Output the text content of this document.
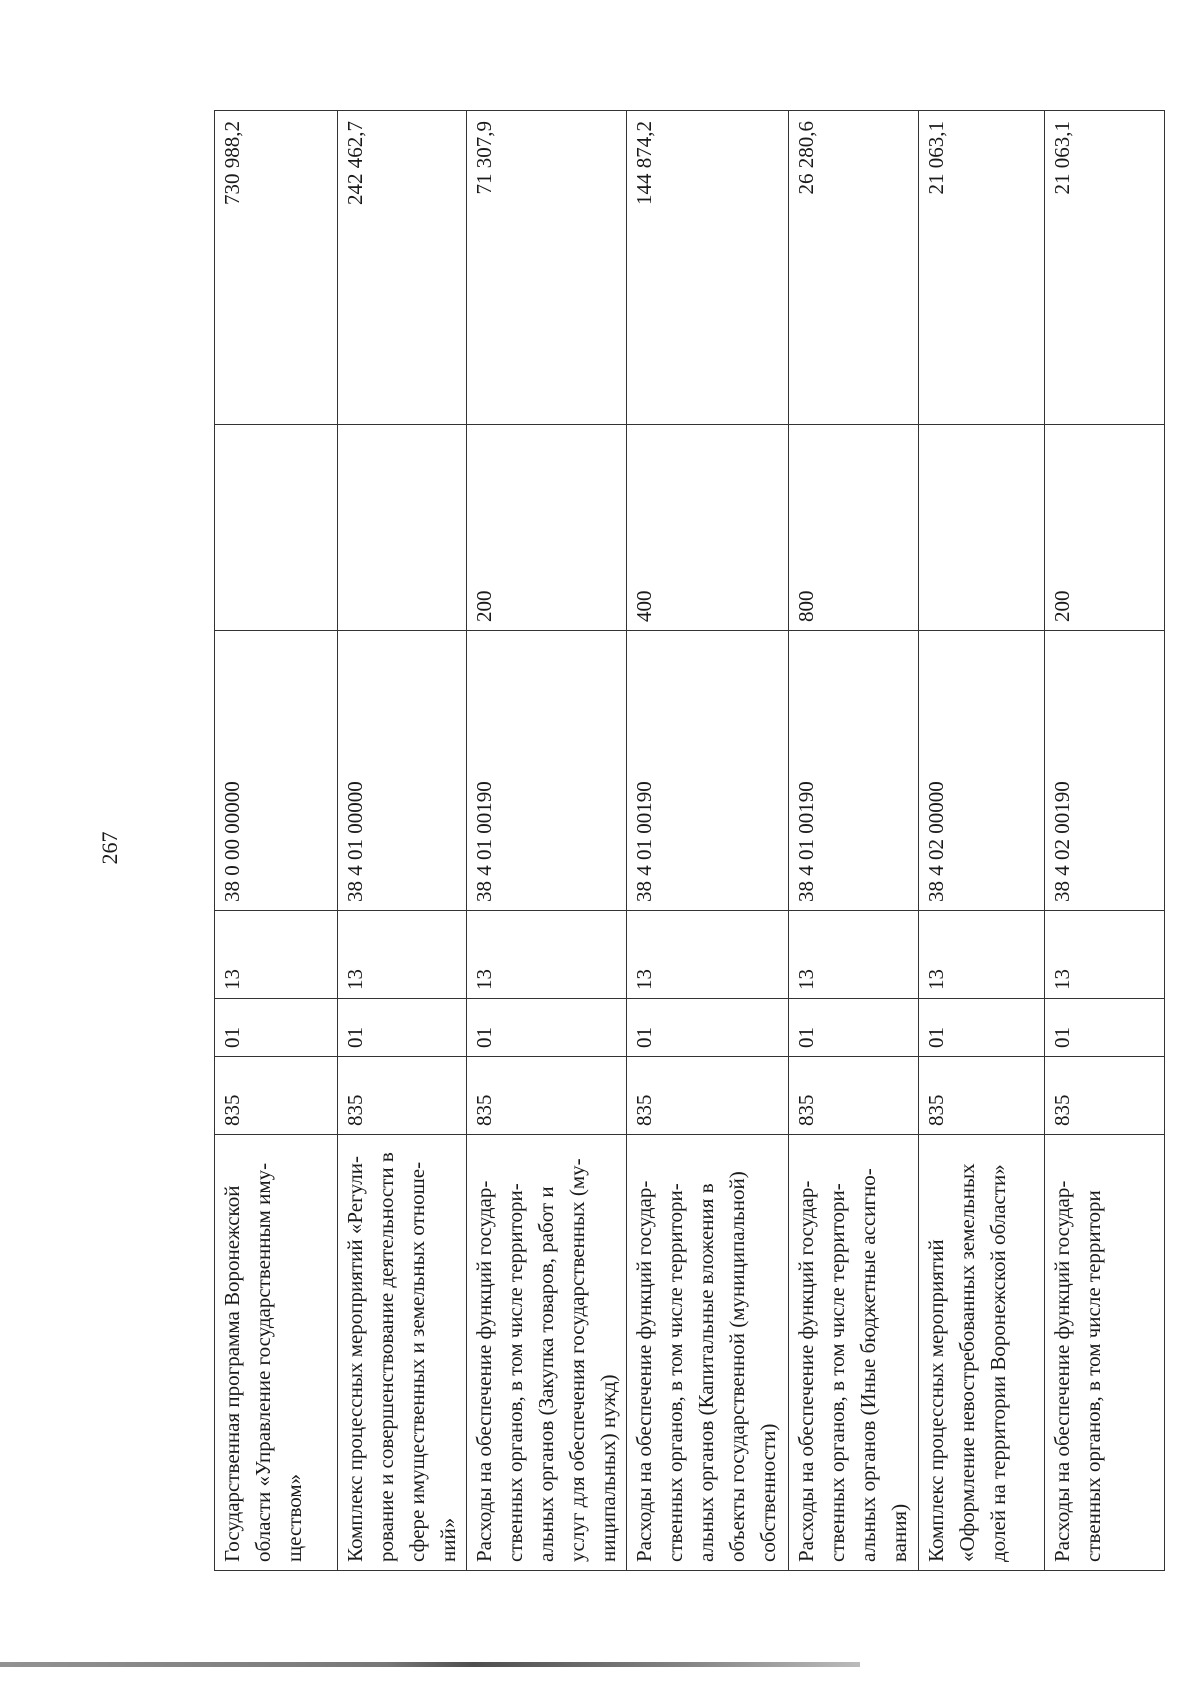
267
Государственная программа Воронежской области «Управление государственным имуществом»	835	01	13	38 0 00 00000		730 988,2
Комплекс процессных мероприятий «Регулирование и совершенствование деятельности в сфере имущественных и земельных отношений»	835	01	13	38 4 01 00000		242 462,7
Расходы на обеспечение функций государственных органов, в том числе территориальных органов (Закупка товаров, работ и услуг для обеспечения государственных (муниципальных) нужд)	835	01	13	38 4 01 00190	200	71 307,9
Расходы на обеспечение функций государственных органов, в том числе территориальных органов (Капитальные вложения в объекты государственной (муниципальной) собственности)	835	01	13	38 4 01 00190	400	144 874,2
Расходы на обеспечение функций государственных органов, в том числе территориальных органов (Иные бюджетные ассигнования)	835	01	13	38 4 01 00190	800	26 280,6
Комплекс процессных мероприятий «Оформление невостребованных земельных долей на территории Воронежской области»	835	01	13	38 4 02 00000		21 063,1
Расходы на обеспечение функций государственных органов, в том числе территори	835	01	13	38 4 02 00190	200	21 063,1
